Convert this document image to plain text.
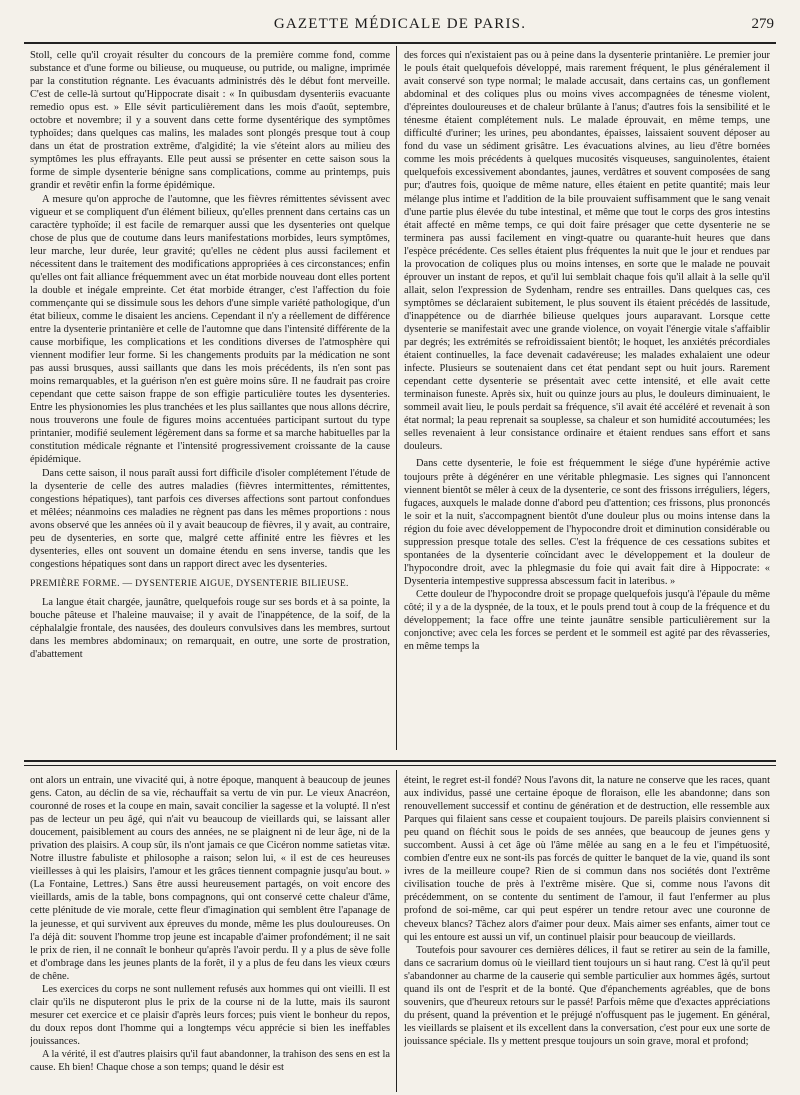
GAZETTE MÉDICALE DE PARIS.	279

Stoll, celle qu'il croyait résulter du concours de la première comme fond, comme substance et d'une forme ou bilieuse, ou muqueuse, ou putride, ou maligne, imprimée par la constitution régnante. Les évacuants administrés dès le début font merveille. C'est de celle-là surtout qu'Hippocrate disait : « In quibusdam dysenteriis evacuante remedio opus est. » Elle sévit particulièrement dans les mois d'août, septembre, octobre et novembre; il y a souvent dans cette forme dysentérique des symptômes typhoïdes; dans quelques cas malins, les malades sont plongés presque tout à coup dans un état de prostration extrême, d'algidité; la vie s'éteint alors au milieu des symptômes les plus effrayants. Elle peut aussi se présenter en cette saison sous la forme de simple dysenterie bénigne sans complications, comme au printemps, puis grandir et revêtir enfin la forme épidémique.

A mesure qu'on approche de l'automne, que les fièvres rémittentes sévissent avec vigueur et se compliquent d'un élément bilieux, qu'elles prennent dans certains cas un caractère typhoïde; il est facile de remarquer aussi que les dysenteries ont quelque chose de plus que de coutume dans leurs manifestations morbides, leurs symptômes, leur marche, leur durée, leur gravité; qu'elles ne cèdent plus aussi facilement et nécessitent dans le traitement des modifications appropriées à ces circonstances; enfin qu'elles ont fait alliance fréquemment avec un état morbide nouveau dont elles portent la double et inégale empreinte. Cet état morbide étranger, c'est l'affection du foie commençante qui se dissimule sous les dehors d'une simple variété pathologique, d'un état bilieux, comme le disaient les anciens. Cependant il n'y a réellement de différence entre la dysenterie printanière et celle de l'automne que dans l'intensité différente de la cause morbifique, les complications et les conditions diverses de l'atmosphère qui viennent modifier leur forme. Si les changements produits par la médication ne sont pas aussi brusques, aussi saillants que dans les mois précédents, ils n'en sont pas moins remarquables, et la guérison n'en est guère moins sûre. Il ne faudrait pas croire cependant que cette saison frappe de son effigie particulière toutes les dysenteries. Entre les physionomies les plus tranchées et les plus saillantes que nous allons décrire, nous trouverons une foule de figures moins accentuées participant surtout du type printanier, modifié seulement légèrement dans sa forme et sa marche habituelles par la constitution médicale régnante et l'intensité progressivement croissante de la cause épidémique.

Dans cette saison, il nous paraît aussi fort difficile d'isoler complétement l'étude de la dysenterie de celle des autres maladies (fièvres intermittentes, rémittentes, congestions hépatiques), tant parfois ces diverses affections sont partout confondues et mêlées; néanmoins ces maladies ne règnent pas dans les mêmes proportions : nous avons observé que les années où il y avait beaucoup de fièvres, il y avait, au contraire, peu de dysenteries, en sorte que, malgré cette affinité entre les fièvres et les dysenteries, elles ont souvent un domaine étendu en sens inverse, tandis que les congestions hépatiques sont dans un rapport direct avec les dysenteries.

PREMIÈRE FORME. — DYSENTERIE AIGUE, DYSENTERIE BILIEUSE.

La langue était chargée, jaunâtre, quelquefois rouge sur ses bords et à sa pointe, la bouche pâteuse et l'haleine mauvaise; il y avait de l'inappétence, de la soif, de la céphalalgie frontale, des nausées, des douleurs convulsives dans les membres, surtout dans les membres abdominaux; on remarquait, en outre, une sorte de prostration, d'abattement

des forces qui n'existaient pas ou à peine dans la dysenterie printanière. Le premier jour le pouls était quelquefois développé, mais rarement fréquent, le plus généralement il avait conservé son type normal; le malade accusait, dans certains cas, un gonflement abdominal et des coliques plus ou moins vives accompagnées de ténesme violent, d'épreintes douloureuses et de chaleur brûlante à l'anus; d'autres fois la sensibilité et le ténesme étaient complétement nuls. Le malade éprouvait, en même temps, une difficulté d'uriner; les urines, peu abondantes, épaisses, laissaient souvent déposer au fond du vase un sédiment grisâtre. Les évacuations alvines, au lieu d'être bornées comme les mois précédents à quelques mucosités visqueuses, sanguinolentes, étaient quelquefois excessivement abondantes, jaunes, verdâtres et souvent composées de sang pur; d'autres fois, quoique de même nature, elles étaient en petite quantité; mais leur mélange plus intime et l'addition de la bile prouvaient suffisamment que le sang venait d'une partie plus élevée du tube intestinal, et même que tout le corps des gros intestins était affecté en même temps, ce qui doit faire présager que cette dysenterie ne se terminera pas aussi facilement en vingt-quatre ou quarante-huit heures que dans l'espèce précédente. Ces selles étaient plus fréquentes la nuit que le jour et rendues par la provocation de coliques plus ou moins intenses, en sorte que le malade ne pouvait éprouver un instant de repos, et qu'il lui semblait chaque fois qu'il allait à la selle qu'il allait, selon l'expression de Sydenham, rendre ses entrailles. Dans quelques cas, ces symptômes se déclaraient subitement, le plus souvent ils étaient précédés de lassitude, d'inappétence ou de diarrhée bilieuse quelques jours auparavant. Lorsque cette dysenterie se manifestait avec une grande violence, on voyait l'énergie vitale s'affaiblir par degrés; les extrémités se refroidissaient bientôt; le hoquet, les anxiétés précordiales étaient continuelles, la face devenait cadavéreuse; les malades exhalaient une odeur infecte. Plusieurs se soutenaient dans cet état pendant sept ou huit jours. Rarement cependant cette dysenterie se présentait avec cette intensité, et elle avait cette terminaison funeste. Après six, huit ou quinze jours au plus, le douleurs diminuaient, le sommeil avait lieu, le pouls perdait sa fréquence, s'il avait été accéléré et revenait à son état normal; la peau reprenait sa souplesse, sa chaleur et son humidité accoutumées; les selles revenaient à leur consistance ordinaire et étaient rendues sans effort et sans douleurs.

Dans cette dysenterie, le foie est fréquemment le siége d'une hypérémie active toujours prête à dégénérer en une véritable phlegmasie. Les signes qui l'annoncent viennent bientôt se mêler à ceux de la dysenterie, ce sont des frissons irréguliers, légers, fugaces, auxquels le malade donne d'abord peu d'attention; ces frissons, plus prononcés le soir et la nuit, s'accompagnent bientôt d'une douleur plus ou moins intense dans la région du foie avec développement de l'hypocondre droit et diminution considérable ou suppression presque totale des selles. C'est la fréquence de ces cessations subites et spontanées de la dysenterie coïncidant avec le développement et la douleur de l'hypocondre droit, avec la phlegmasie du foie qui avait fait dire à Hippocrate: « Dysenteria intempestive suppressa abscessum facit in lateribus. »

Cette douleur de l'hypocondre droit se propage quelquefois jusqu'à l'épaule du même côté; il y a de la dyspnée, de la toux, et le pouls prend tout à coup de la fréquence et du développement; la face offre une teinte jaunâtre sensible particulièrement sur la conjonctive; avec cela les forces se perdent et le sommeil est agité par des rêvasseries, en même temps la

ont alors un entrain, une vivacité qui, à notre époque, manquent à beaucoup de jeunes gens. Caton, au déclin de sa vie, réchauffait sa vertu de vin pur. Le vieux Anacréon, couronné de roses et la coupe en main, savait concilier la sagesse et la volupté. Il n'est pas de lecteur un peu âgé, qui n'ait vu beaucoup de vieillards qui, se laissant aller doucement, paisiblement au cours des années, ne se plaignent ni de leur âge, ni de la privation des plaisirs. A coup sûr, ils n'ont jamais ce que Cicéron nomme satietas vitæ. Notre illustre fabuliste et philosophe a raison; selon lui, « il est de ces heureuses vieillesses à qui les plaisirs, l'amour et les grâces tiennent compagnie jusqu'au bout. » (La Fontaine, Lettres.) Sans être aussi heureusement partagés, on voit encore des vieillards, amis de la table, bons compagnons, qui ont conservé cette chaleur d'âme, cette plénitude de vie morale, cette fleur d'imagination qui semblent être l'apanage de la jeunesse, et qui survivent aux épreuves du monde, même les plus douloureuses. On l'a déjà dit: souvent l'homme trop jeune est incapable d'aimer profondément; il ne sait le prix de rien, il ne connaît le bonheur qu'après l'avoir perdu. Il y a plus de sève folle et d'ombrage dans les jeunes plants de la forêt, il y a plus de feu dans les vieux cœurs de chêne.

Les exercices du corps ne sont nullement refusés aux hommes qui ont vieilli. Il est clair qu'ils ne disputeront plus le prix de la course ni de la lutte, mais ils sauront mesurer cet exercice et ce plaisir d'après leurs forces; puis vient le bonheur du repos, du doux repos dont l'homme qui a longtemps vécu apprécie si bien les ineffables jouissances.

A la vérité, il est d'autres plaisirs qu'il faut abandonner, la trahison des sens en est la cause. Eh bien! Chaque chose a son temps; quand le désir est

éteint, le regret est-il fondé? Nous l'avons dit, la nature ne conserve que les races, quant aux individus, passé une certaine époque de floraison, elle les abandonne; dans son renouvellement successif et continu de génération et de destruction, elle ressemble aux Parques qui filaient sans cesse et coupaient toujours. De pareils plaisirs conviennent si peu quand on fléchit sous le poids de ses années, que beaucoup de jeunes gens y succombent. Aussi à cet âge où l'âme mêlée au sang en a le feu et l'impétuosité, combien d'entre eux ne sont-ils pas forcés de quitter le banquet de la vie, quand ils sont ivres de la meilleure coupe? Rien de si commun dans nos sociétés dont l'extrême civilisation touche de près à l'extrême misère. Que si, comme nous l'avons dit précédemment, on se contente du sentiment de l'amour, il faut l'enfermer au plus profond de soi-même, car qui peut espérer un tendre retour avec une couronne de cheveux blancs? Tâchez alors d'aimer pour deux. Mais aimer ses enfants, aimer tout ce qui les entoure est aussi un vif, un continuel plaisir pour beaucoup de vieillards.

Toutefois pour savourer ces dernières délices, il faut se retirer au sein de la famille, dans ce sacrarium domus où le vieillard tient toujours un si haut rang. C'est là qu'il peut s'abandonner au charme de la causerie qui semble particulier aux hommes âgés, surtout quand ils ont de l'esprit et de la bonté. Que d'épanchements agréables, que de bons souvenirs, que d'heureux retours sur le passé! Parfois même que d'exactes appréciations du présent, quand la prévention et le préjugé n'offusquent pas le jugement. En général, les vieillards se plaisent et ils excellent dans la conversation, c'est pour eux une sorte de jouissance spéciale. Ils y mettent presque toujours un soin grave, moral et profond;
